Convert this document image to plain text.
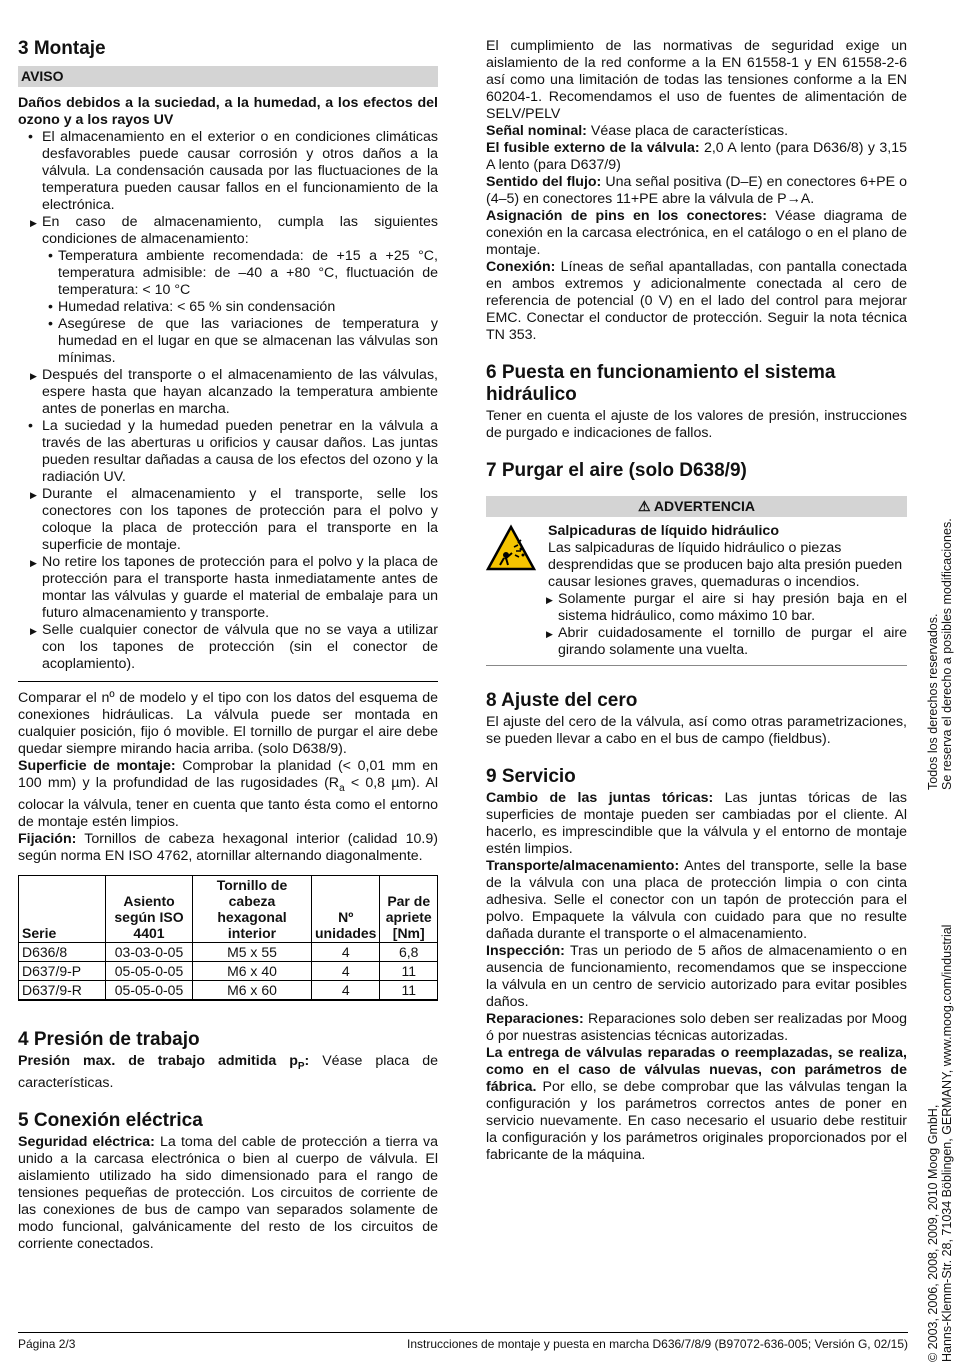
3 Montaje
AVISO

Daños debidos a la suciedad, a la humedad, a los efectos del ozono y a los rayos UV

• El almacenamiento en el exterior o en condiciones climáticas desfavorables puede causar corrosión y otros daños a la válvula. La condensación causada por las fluctuaciones de la temperatura pueden causar fallos en el funcionamiento de la electrónica.
▶ En caso de almacenamiento, cumpla las siguientes condiciones de almacenamiento:
• Temperatura ambiente recomendada: de +15 a +25 °C, temperatura admisible: de –40 a +80 °C, fluctuación de temperatura: < 10 °C
• Humedad relativa: < 65 % sin condensación
• Asegúrese de que las variaciones de temperatura y humedad en el lugar en que se almacenan las válvulas son mínimas.
▶ Después del transporte o el almacenamiento de las válvulas, espere hasta que hayan alcanzado la temperatura ambiente antes de ponerlas en marcha.
• La suciedad y la humedad pueden penetrar en la válvula a través de las aberturas u orificios y causar daños. Las juntas pueden resultar dañadas a causa de los efectos del ozono y la radiación UV.
▶ Durante el almacenamiento y el transporte, selle los conectores con los tapones de protección para el polvo y coloque la placa de protección para el transporte en la superficie de montaje.
▶ No retire los tapones de protección para el polvo y la placa de protección para el transporte hasta inmediatamente antes de montar las válvulas y guarde el material de embalaje para un futuro almacenamiento y transporte.
▶ Selle cualquier conector de válvula que no se vaya a utilizar con los tapones de protección (sin el conector de acoplamiento).

Comparar el nº de modelo y el tipo con los datos del esquema de conexiones hidráulicas. La válvula puede ser montada en cualquier posición, fijo ó movible. El tornillo de purgar el aire debe quedar siempre mirando hacia arriba. (solo D638/9).

Superficie de montaje: Comprobar la planidad (< 0,01 mm en 100 mm) y la profundidad de las rugosidades ($R_a < 0,8$ µm). Al colocar la válvula, tener en cuenta que tanto ésta como el entorno de montaje estén limpios.

Fijación: Tornillos de cabeza hexagonal interior (calidad 10.9) según norma EN ISO 4762, atornillar alternando diagonalmente.

Serie	Asiento según ISO 4401	Tornillo de cabeza hexagonal interior	Nº unidades	Par de apriete [Nm]
D636/8	03-03-0-05	M5 x 55	4	6,8
D637/9-P	05-05-0-05	M6 x 40	4	11
D637/9-R	05-05-0-05	M6 x 60	4	11
4 Presión de trabajo

Presión max. de trabajo admitida $p_P$: Véase placa de características.

5 Conexión eléctrica

Seguridad eléctrica: La toma del cable de protección a tierra va unido a la carcasa electrónica o bien al cuerpo de válvula. El aislamiento utilizado ha sido dimensionado para el rango de tensiones pequeñas de protección. Los circuitos de corriente de las conexiones de bus de campo van separados solamente de modo funcional, galvánicamente del resto de los circuitos de corriente conectados.

El cumplimiento de las normativas de seguridad exige un aislamiento de la red conforme a la EN 61558-1 y EN 61558-2-6 así como una limitación de todas las tensiones conforme a la EN 60204-1. Recomendamos el uso de fuentes de alimentación de SELV/PELV

Señal nominal: Véase placa de características.

El fusible externo de la válvula: 2,0 A lento (para D636/8) y 3,15 A lento (para D637/9)

Sentido del flujo: Una señal positiva (D–E) en conectores 6+PE o (4–5) en conectores 11+PE abre la válvula de P→A.

Asignación de pins en los conectores: Véase diagrama de conexión en la carcasa electrónica, en el catálogo o en el plano de montaje.

Conexión: Líneas de señal apantalladas, con pantalla conectada en ambos extremos y adicionalmente conectada al cero de referencia de potencial (0 V) en el lado del control para mejorar EMC. Conectar el conductor de protección. Seguir la nota técnica TN 353.

6 Puesta en funcionamiento el sistema hidráulico

Tener en cuenta el ajuste de los valores de presión, instrucciones de purgado e indicaciones de fallos.

7 Purgar el aire (solo D638/9)
⚠ ADVERTENCIA

Salpicaduras de líquido hidráulico

Las salpicaduras de líquido hidráulico o piezas desprendidas que se producen bajo alta presión pueden causar lesiones graves, quemaduras o incendios.

▶ Solamente purgar el aire si hay presión baja en el sistema hidráulico, como máximo 10 bar.
▶ Abrir cuidadosamente el tornillo de purgar el aire girando solamente una vuelta.
8 Ajuste del cero

El ajuste del cero de la válvula, así como otras parametrizaciones, se pueden llevar a cabo en el bus de campo (fieldbus).

9 Servicio

Cambio de las juntas tóricas: Las juntas tóricas de las superficies de montaje pueden ser cambiadas por el cliente. Al hacerlo, es imprescindible que la válvula y el entorno de montaje estén limpios.

Transporte/almacenamiento: Antes del transporte, selle la base de la válvula con una placa de protección limpia o con cinta adhesiva. Selle el conector con un tapón de protección para el polvo. Empaquete la válvula con cuidado para que no resulte dañada durante el transporte o el almacenamiento.

Inspección: Tras un periodo de 5 años de almacenamiento o en ausencia de funcionamiento, recomendamos que se inspeccione la válvula en un centro de servicio autorizado para evitar posibles daños.

Reparaciones: Reparaciones solo deben ser realizadas por Moog ó por nuestras asistencias técnicas autorizadas.

La entrega de válvulas reparadas o reemplazadas, se realiza, como en el caso de válvulas nuevas, con parámetros de fábrica. Por ello, se debe comprobar que las válvulas tengan la configuración y los parámetros correctos antes de poner en servicio nuevamente. En caso necesario el usuario debe restituir la configuración y los parámetros originales proporcionados por el fabricante de la máquina.

Todos los derechos reservados. Se reserva el derecho a posibles modificaciones.
© 2003, 2006, 2008, 2009, 2010 Moog GmbH, Hanns-Klemm-Str. 28, 71034 Böblingen, GERMANY, www.moog.com/industrial
Página 2/3	Instrucciones de montaje y puesta en marcha D636/7/8/9 (B97072-636-005; Versión G, 02/15)
